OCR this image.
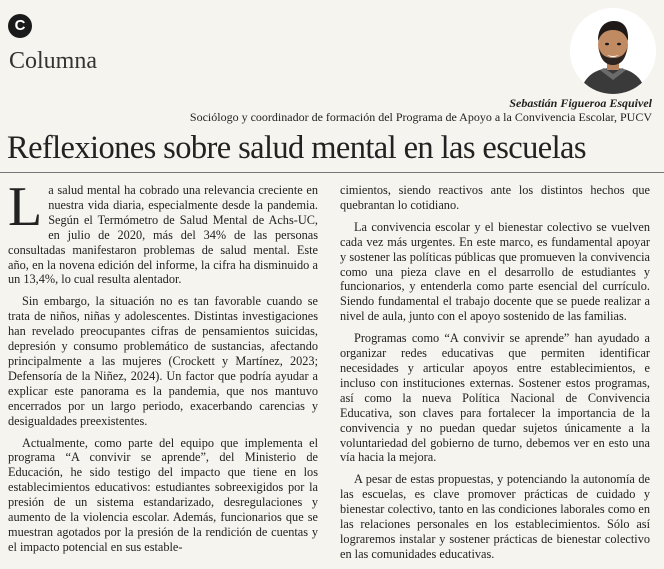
C
Columna
Sebastián Figueroa Esquivel
Sociólogo y coordinador de formación del Programa de Apoyo a la Convivencia Escolar, PUCV
Reflexiones sobre salud mental en las escuelas

La salud mental ha cobrado una relevancia creciente en nuestra vida diaria, especialmente desde la pandemia. Según el Termómetro de Salud Mental de Achs-UC, en julio de 2020, más del 34% de las personas consultadas manifestaron problemas de salud mental. Este año, en la novena edición del informe, la cifra ha disminuido a un 13,4%, lo cual resulta alentador.

Sin embargo, la situación no es tan favorable cuando se trata de niños, niñas y adolescentes. Distintas investigaciones han revelado preocupantes cifras de pensamientos suicidas, depresión y consumo problemático de sustancias, afectando principalmente a las mujeres (Crockett y Martínez, 2023; Defensoría de la Niñez, 2024). Un factor que podría ayudar a explicar este panorama es la pandemia, que nos mantuvo encerrados por un largo periodo, exacerbando carencias y desigualdades preexistentes.

Actualmente, como parte del equipo que implementa el programa “A convivir se aprende”, del Ministerio de Educación, he sido testigo del impacto que tiene en los establecimientos educativos: estudiantes sobreexigidos por la presión de un sistema estandarizado, desregulaciones y aumento de la violencia escolar. Además, funcionarios que se muestran agotados por la presión de la rendición de cuentas y el impacto potencial en sus estable-

cimientos, siendo reactivos ante los distintos hechos que quebrantan lo cotidiano.

La convivencia escolar y el bienestar colectivo se vuelven cada vez más urgentes. En este marco, es fundamental apoyar y sostener las políticas públicas que promueven la convivencia como una pieza clave en el desarrollo de estudiantes y funcionarios, y entenderla como parte esencial del currículo. Siendo fundamental el trabajo docente que se puede realizar a nivel de aula, junto con el apoyo sostenido de las familias.

Programas como “A convivir se aprende” han ayudado a organizar redes educativas que permiten identificar necesidades y articular apoyos entre establecimientos, e incluso con instituciones externas. Sostener estos programas, así como la nueva Política Nacional de Convivencia Educativa, son claves para fortalecer la importancia de la convivencia y no puedan quedar sujetos únicamente a la voluntariedad del gobierno de turno, debemos ver en esto una vía hacia la mejora.

A pesar de estas propuestas, y potenciando la autonomía de las escuelas, es clave promover prácticas de cuidado y bienestar colectivo, tanto en las condiciones laborales como en las relaciones personales en los establecimientos. Sólo así lograremos instalar y sostener prácticas de bienestar colectivo en las comunidades educativas.
